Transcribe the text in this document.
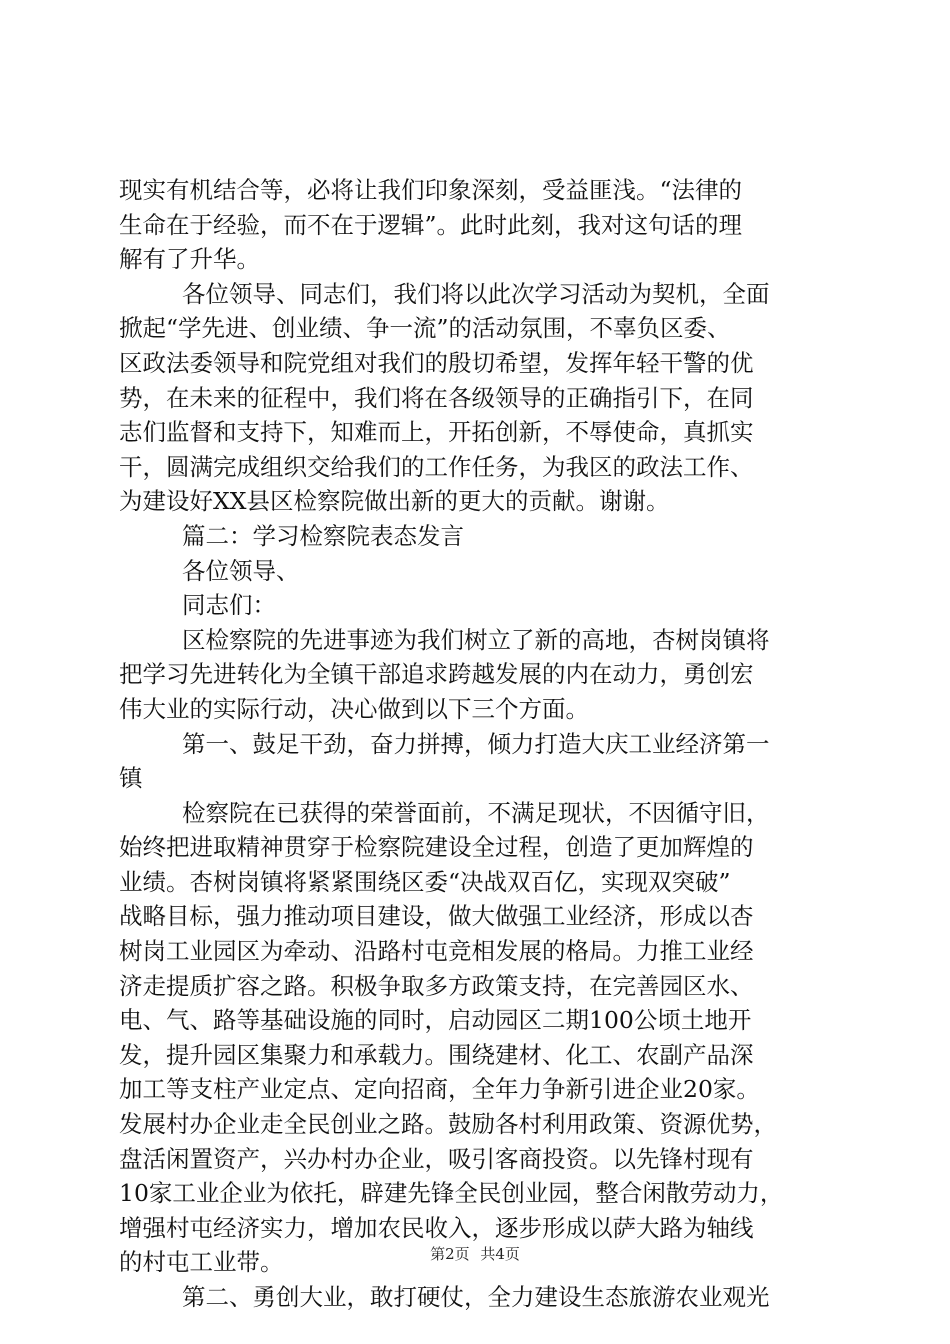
现实有机结合等，必将让我们印象深刻，受益匪浅。“法律的
生命在于经验，而不在于逻辑”。此时此刻，我对这句话的理
解有了升华。
各位领导、同志们，我们将以此次学习活动为契机，全面
掀起“学先进、创业绩、争一流”的活动氛围，不辜负区委、
区政法委领导和院党组对我们的殷切希望，发挥年轻干警的优
势，在未来的征程中，我们将在各级领导的正确指引下，在同
志们监督和支持下，知难而上，开拓创新，不辱使命，真抓实
干，圆满完成组织交给我们的工作任务，为我区的政法工作、
为建设好XX县区检察院做出新的更大的贡献。谢谢。
篇二：学习检察院表态发言
各位领导、
同志们：
区检察院的先进事迹为我们树立了新的高地，杏树岗镇将
把学习先进转化为全镇干部追求跨越发展的内在动力，勇创宏
伟大业的实际行动，决心做到以下三个方面。
第一、鼓足干劲，奋力拼搏，倾力打造大庆工业经济第一
镇
检察院在已获得的荣誉面前，不满足现状，不因循守旧，
始终把进取精神贯穿于检察院建设全过程，创造了更加辉煌的
业绩。杏树岗镇将紧紧围绕区委“决战双百亿，实现双突破”
战略目标，强力推动项目建设，做大做强工业经济，形成以杏
树岗工业园区为牵动、沿路村屯竞相发展的格局。力推工业经
济走提质扩容之路。积极争取多方政策支持，在完善园区水、
电、气、路等基础设施的同时，启动园区二期100公顷土地开
发，提升园区集聚力和承载力。围绕建材、化工、农副产品深
加工等支柱产业定点、定向招商，全年力争新引进企业20家。
发展村办企业走全民创业之路。鼓励各村利用政策、资源优势，
盘活闲置资产，兴办村办企业，吸引客商投资。以先锋村现有
10家工业企业为依托，辟建先锋全民创业园，整合闲散劳动力，
增强村屯经济实力，增加农民收入，逐步形成以萨大路为轴线
的村屯工业带。
第二、勇创大业，敢打硬仗，全力建设生态旅游农业观光
第2页 共4页
